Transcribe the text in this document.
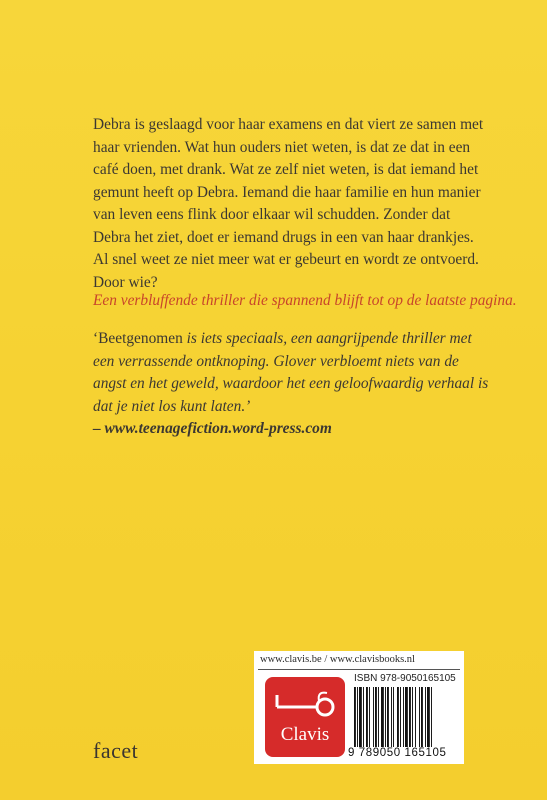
Debra is geslaagd voor haar examens en dat viert ze samen met haar vrienden. Wat hun ouders niet weten, is dat ze dat in een café doen, met drank. Wat ze zelf niet weten, is dat iemand het gemunt heeft op Debra. Iemand die haar familie en hun manier van leven eens flink door elkaar wil schudden. Zonder dat Debra het ziet, doet er iemand drugs in een van haar drankjes. Al snel weet ze niet meer wat er gebeurt en wordt ze ontvoerd. Door wie?

Een verbluffende thriller die spannend blijft tot op de laatste pagina.

‘Beetgenomen is iets speciaals, een aangrijpende thriller met een verrassende ontknoping. Glover verbloemt niets van de angst en het geweld, waardoor het een geloofwaardig verhaal is dat je niet los kunt laten.’
– www.teenagefiction.word-press.com

facet
www.clavis.be / www.clavisbooks.nl
Clavis
ISBN 978-9050165105
9 789050 165105
